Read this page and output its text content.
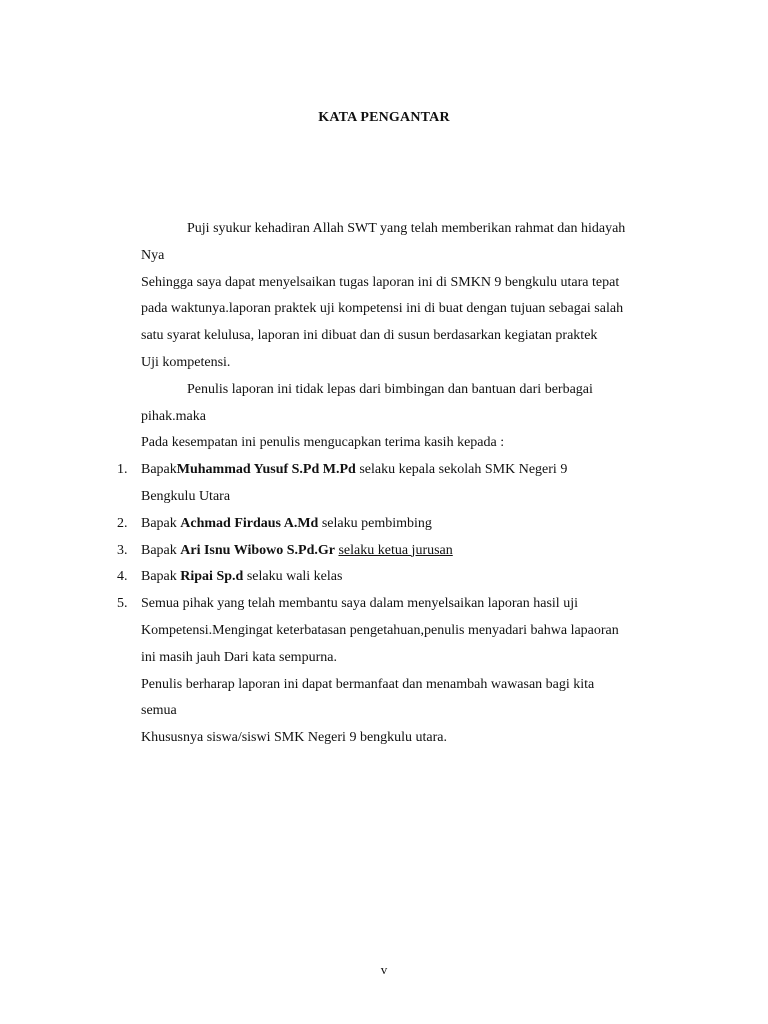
KATA PENGANTAR

Puji syukur kehadiran Allah SWT yang telah memberikan rahmat dan hidayah

Nya

Sehingga saya dapat menyelsaikan tugas laporan ini di SMKN 9 bengkulu utara tepat

pada waktunya.laporan praktek uji kompetensi ini di buat dengan tujuan sebagai salah

satu syarat kelulusa, laporan ini dibuat dan di susun berdasarkan kegiatan praktek

Uji kompetensi.

Penulis laporan ini tidak lepas dari bimbingan dan bantuan dari berbagai

pihak.maka

Pada kesempatan ini penulis mengucapkan terima kasih kepada :

1. BapakMuhammad Yusuf S.Pd M.Pd selaku kepala sekolah SMK Negeri 9
Bengkulu Utara
2. Bapak Achmad Firdaus A.Md selaku pembimbing
3. Bapak Ari Isnu Wibowo S.Pd.Gr selaku ketua jurusan
4. Bapak Ripai Sp.d selaku wali kelas
5. Semua pihak yang telah membantu saya dalam menyelsaikan laporan hasil uji
Kompetensi.Mengingat keterbatasan pengetahuan,penulis menyadari bahwa lapaoran
ini masih jauh Dari kata sempurna.

Penulis berharap laporan ini dapat bermanfaat dan menambah wawasan bagi kita

semua

Khususnya siswa/siswi SMK Negeri 9 bengkulu utara.

v
